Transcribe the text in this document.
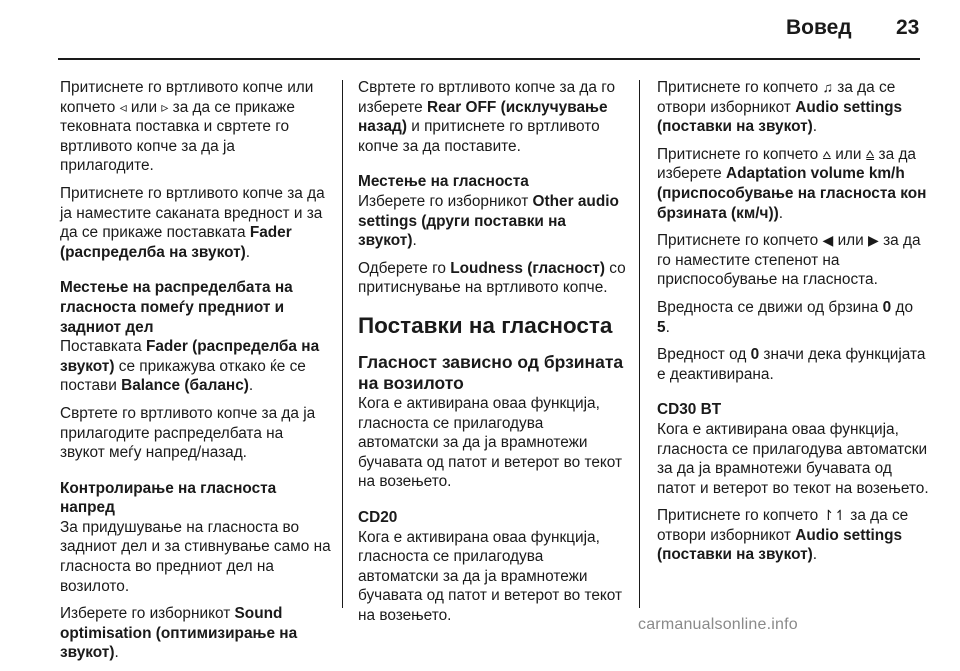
Вовед 23

Притиснете го вртливото копче или копчето ◃ или ▹ за да се прикаже тековната поставка и свртете го вртливото копче за да ја прилагодите.

Притиснете го вртливото копче за да ја наместите саканата вредност и за да се прикаже поставката Fader (распределба на звукот).

Местење на распределбата на гласноста помеѓу предниот и задниот дел

Поставката Fader (распределба на звукот) се прикажува откако ќе се постави Balance (баланс).

Свртете го вртливото копче за да ја прилагодите распределбата на звукот меѓу напред/назад.

Контролирање на гласноста напред

За придушување на гласноста во задниот дел и за стивнување само на гласноста во предниот дел на возилото.

Изберете го изборникот Sound optimisation (оптимизирање на звукот).

Свртете го вртливото копче за да го изберете Rear OFF (исклучување назад) и притиснете го вртливото копче за да поставите.

Местење на гласноста

Изберете го изборникот Other audio settings (други поставки на звукот).

Одберете го Loudness (гласност) со притиснување на вртливото копче.

Поставки на гласноста
Гласност зависно од брзината на возилото

Кога е активирана оваа функција, гласноста се прилагодува автоматски за да ја врамнотежи бучавата од патот и ветерот во текот на возењето.

CD20

Кога е активирана оваа функција, гласноста се прилагодува автоматски за да ја врамнотежи бучавата од патот и ветерот во текот на возењето.

Притиснете го копчето ♫ за да се отвори изборникот Audio settings (поставки на звукот).

Притиснете го копчето ⩟ или ⩠ за да изберете Adaptation volume km/h (приспособување на гласноста кон брзината (км/ч)).

Притиснете го копчето ◀ или ▶ за да го наместите степенот на приспособување на гласноста.

Вредноста се движи од брзина 0 до 5.

Вредност од 0 значи дека функцијата е деактивирана.

CD30 BT

Кога е активирана оваа функција, гласноста се прилагодува автоматски за да ја врамнотежи бучавата од патот и ветерот во текот на возењето.

Притиснете го копчето ↾↿ за да се отвори изборникот Audio settings (поставки на звукот).

carmanualsonline.info
